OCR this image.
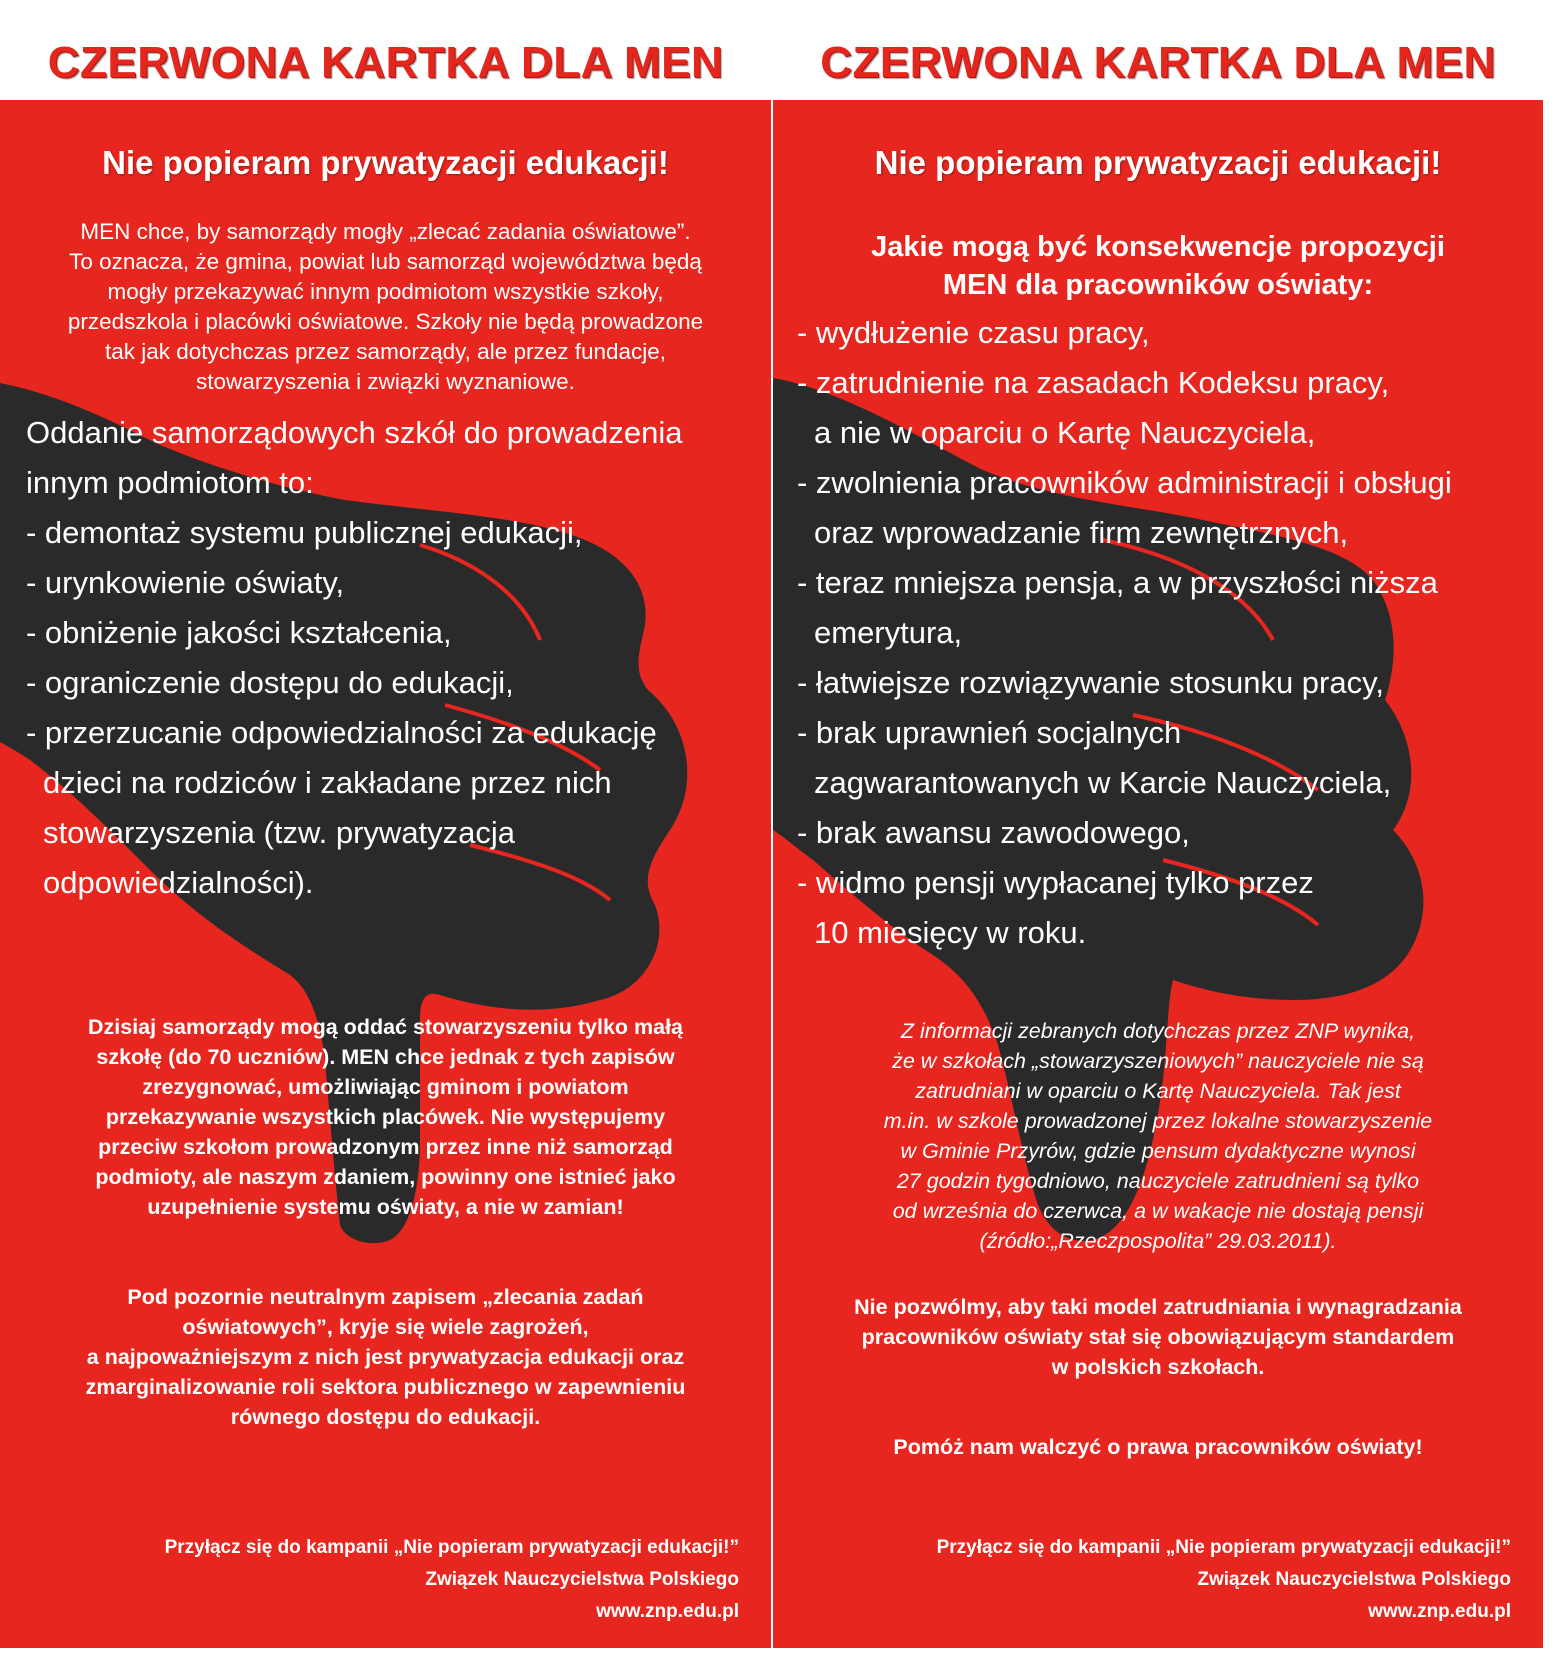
CZERWONA KARTKA DLA MEN
Nie popieram prywatyzacji edukacji!
MEN chce, by samorządy mogły „zlecać zadania oświatowe”.
To oznacza, że gmina, powiat lub samorząd województwa będą
mogły przekazywać innym podmiotom wszystkie szkoły,
przedszkola i placówki oświatowe. Szkoły nie będą prowadzone
tak jak dotychczas przez samorządy, ale przez fundacje,
stowarzyszenia i związki wyznaniowe.
Oddanie samorządowych szkół do prowadzenia
innym podmiotom to:
- demontaż systemu publicznej edukacji,
- urynkowienie oświaty,
- obniżenie jakości kształcenia,
- ograniczenie dostępu do edukacji,
- przerzucanie odpowiedzialności za edukację
dzieci na rodziców i zakładane przez nich
stowarzyszenia (tzw. prywatyzacja
odpowiedzialności).
Dzisiaj samorządy mogą oddać stowarzyszeniu tylko małą
szkołę (do 70 uczniów). MEN chce jednak z tych zapisów
zrezygnować, umożliwiając gminom i powiatom
przekazywanie wszystkich placówek. Nie występujemy
przeciw szkołom prowadzonym przez inne niż samorząd
podmioty, ale naszym zdaniem, powinny one istnieć jako
uzupełnienie systemu oświaty, a nie w zamian!
Pod pozornie neutralnym zapisem „zlecania zadań
oświatowych”, kryje się wiele zagrożeń,
a najpoważniejszym z nich jest prywatyzacja edukacji oraz
zmarginalizowanie roli sektora publicznego w zapewnieniu
równego dostępu do edukacji.
Przyłącz się do kampanii „Nie popieram prywatyzacji edukacji!”
Związek Nauczycielstwa Polskiego
www.znp.edu.pl
CZERWONA KARTKA DLA MEN
Nie popieram prywatyzacji edukacji!
Jakie mogą być konsekwencje propozycji
MEN dla pracowników oświaty:
- wydłużenie czasu pracy,
- zatrudnienie na zasadach Kodeksu pracy,
a nie w oparciu o Kartę Nauczyciela,
- zwolnienia pracowników administracji i obsługi
oraz wprowadzanie firm zewnętrznych,
- teraz mniejsza pensja, a w przyszłości niższa
emerytura,
- łatwiejsze rozwiązywanie stosunku pracy,
- brak uprawnień socjalnych
zagwarantowanych w Karcie Nauczyciela,
- brak awansu zawodowego,
- widmo pensji wypłacanej tylko przez
10 miesięcy w roku.
Z informacji zebranych dotychczas przez ZNP wynika,
że w szkołach „stowarzyszeniowych” nauczyciele nie są
zatrudniani w oparciu o Kartę Nauczyciela. Tak jest
m.in. w szkole prowadzonej przez lokalne stowarzyszenie
w Gminie Przyrów, gdzie pensum dydaktyczne wynosi
27 godzin tygodniowo, nauczyciele zatrudnieni są tylko
od września do czerwca, a w wakacje nie dostają pensji
(źródło:„Rzeczpospolita” 29.03.2011).
Nie pozwólmy, aby taki model zatrudniania i wynagradzania
pracowników oświaty stał się obowiązującym standardem
w polskich szkołach.
Pomóż nam walczyć o prawa pracowników oświaty!
Przyłącz się do kampanii „Nie popieram prywatyzacji edukacji!”
Związek Nauczycielstwa Polskiego
www.znp.edu.pl
